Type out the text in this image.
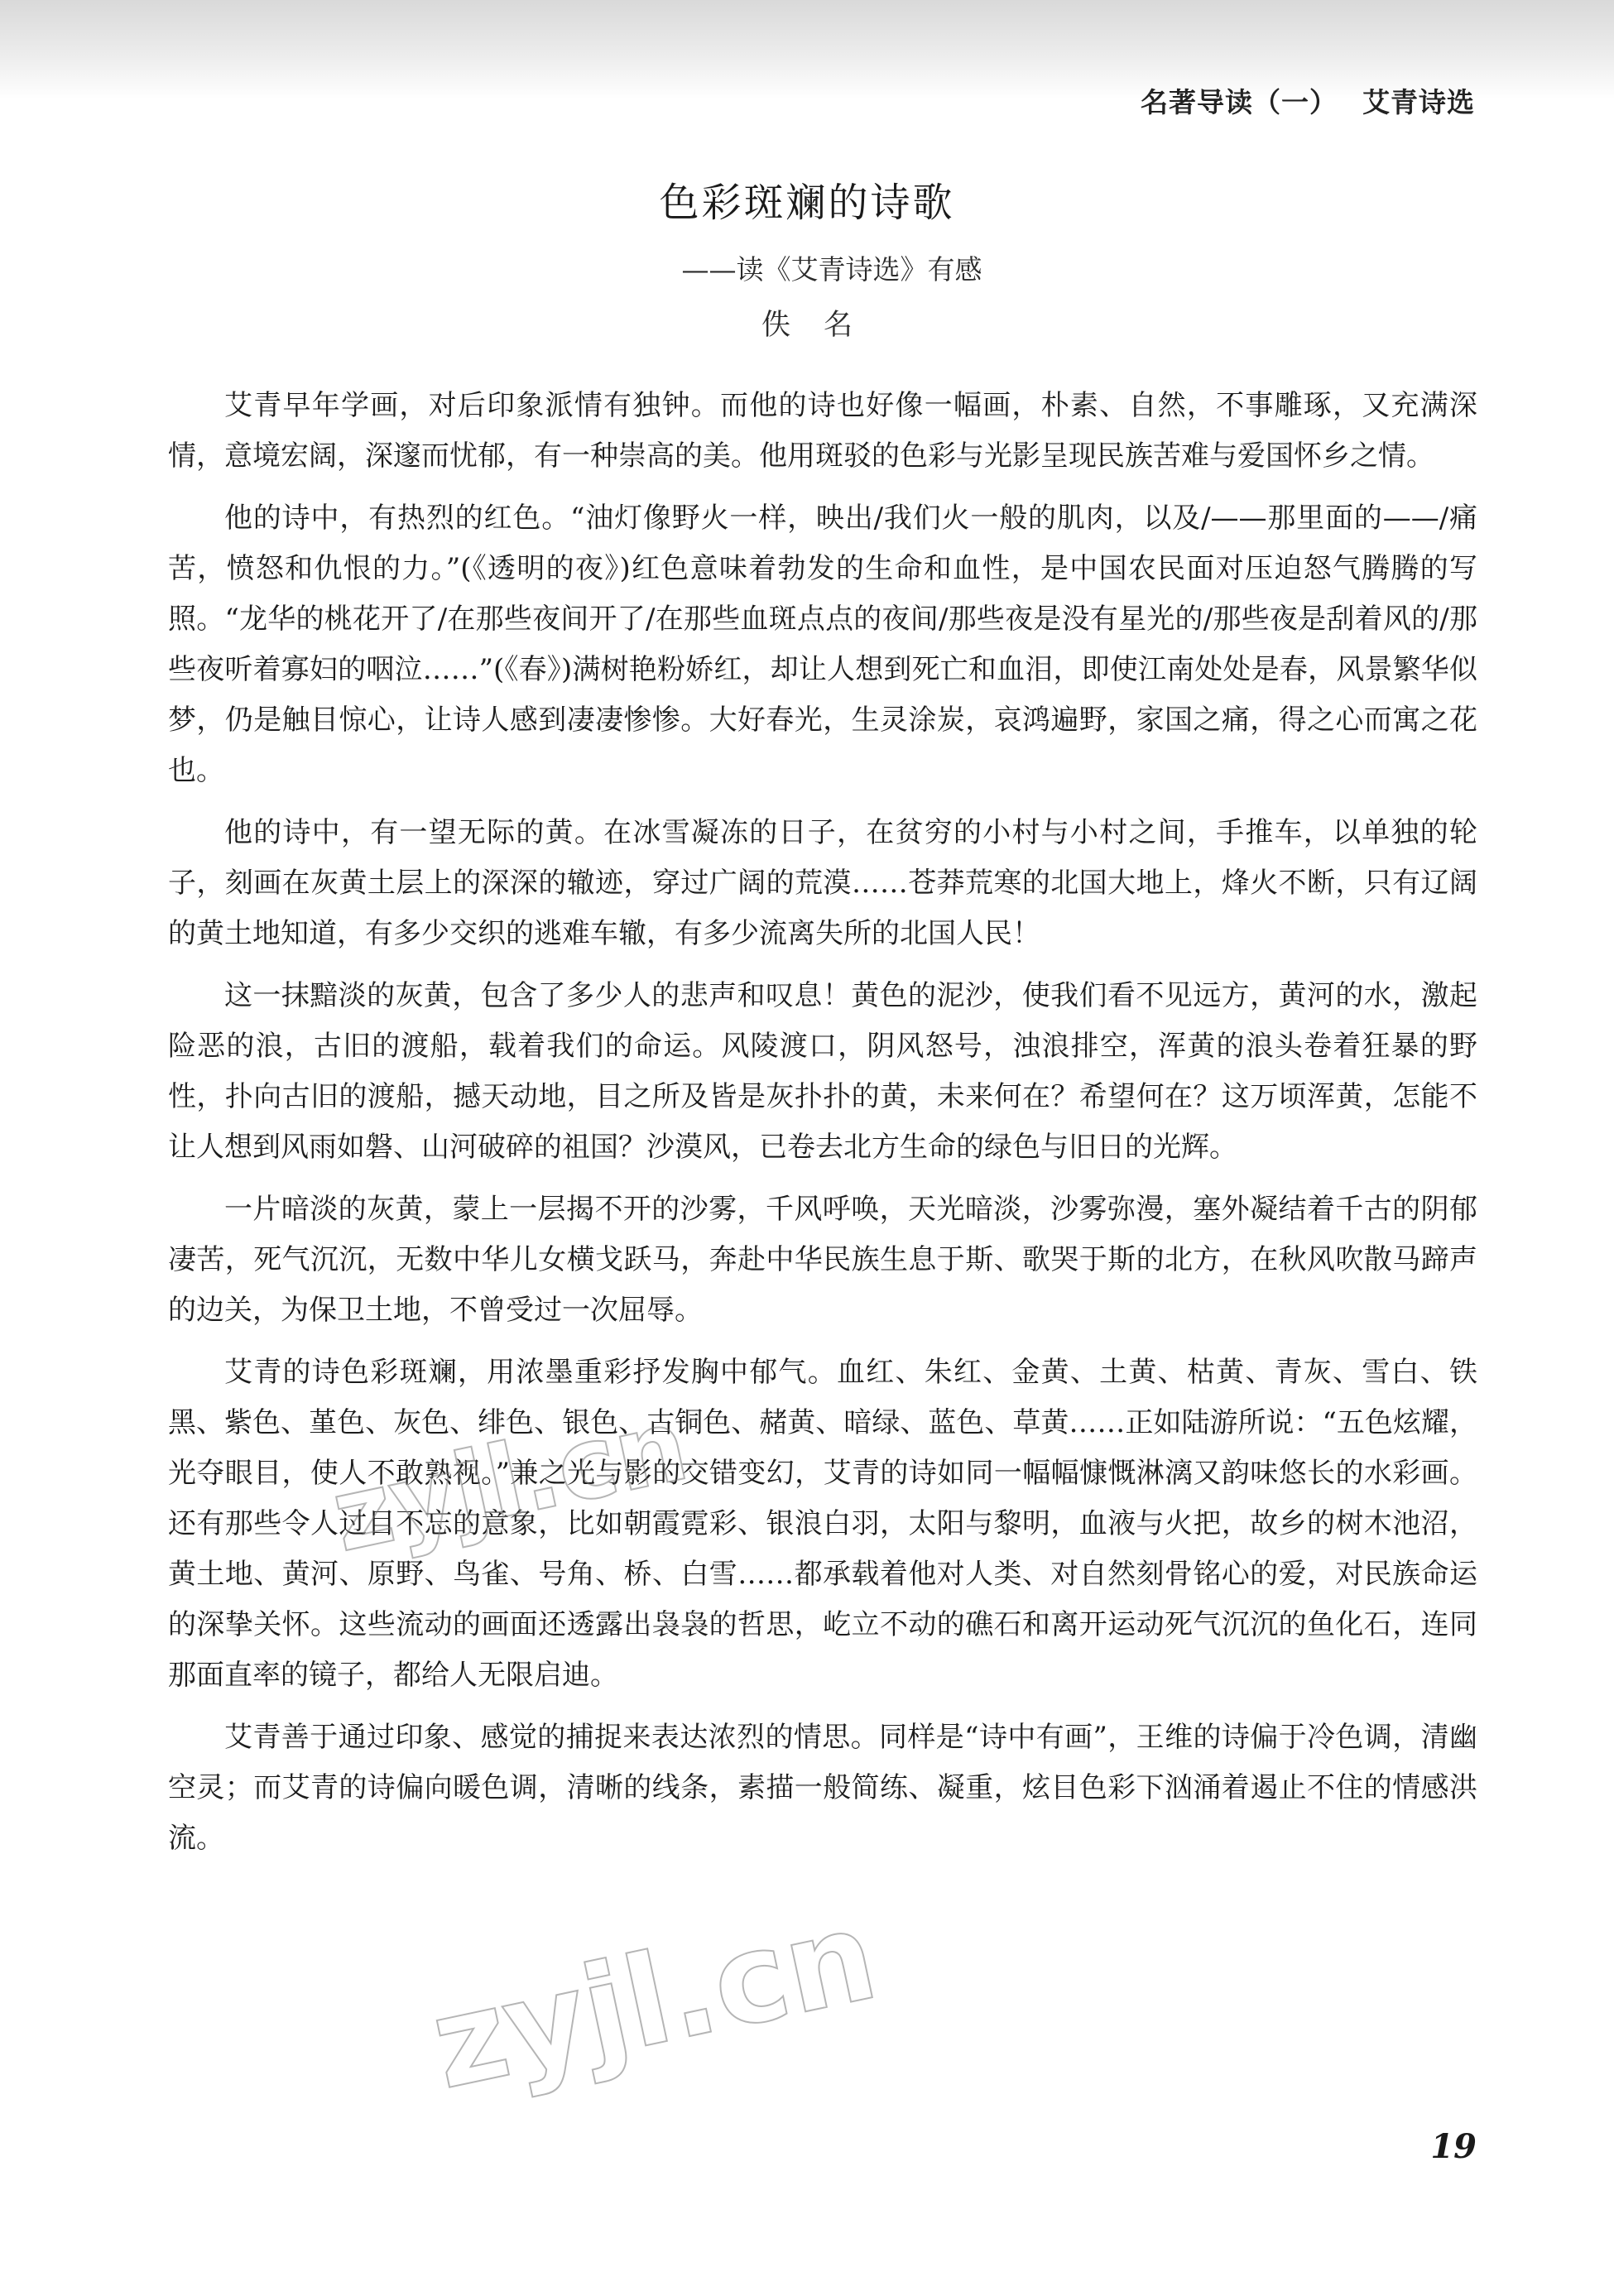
名著导读（一） 艾青诗选
色彩斑斓的诗歌
——读《艾青诗选》有感
佚名

艾青早年学画，对后印象派情有独钟。而他的诗也好像一幅画，朴素、自然，不事雕琢，又充满深情，意境宏阔，深邃而忧郁，有一种崇高的美。他用斑驳的色彩与光影呈现民族苦难与爱国怀乡之情。

他的诗中，有热烈的红色。“油灯像野火一样，映出/我们火一般的肌肉，以及/——那里面的——/痛苦，愤怒和仇恨的力。”(《透明的夜》)红色意味着勃发的生命和血性，是中国农民面对压迫怒气腾腾的写照。“龙华的桃花开了/在那些夜间开了/在那些血斑点点的夜间/那些夜是没有星光的/那些夜是刮着风的/那些夜听着寡妇的咽泣……”(《春》)满树艳粉娇红，却让人想到死亡和血泪，即使江南处处是春，风景繁华似梦，仍是触目惊心，让诗人感到凄凄惨惨。大好春光，生灵涂炭，哀鸿遍野，家国之痛，得之心而寓之花也。

他的诗中，有一望无际的黄。在冰雪凝冻的日子，在贫穷的小村与小村之间，手推车，以单独的轮子，刻画在灰黄土层上的深深的辙迹，穿过广阔的荒漠……苍莽荒寒的北国大地上，烽火不断，只有辽阔的黄土地知道，有多少交织的逃难车辙，有多少流离失所的北国人民！

这一抹黯淡的灰黄，包含了多少人的悲声和叹息！黄色的泥沙，使我们看不见远方，黄河的水，激起险恶的浪，古旧的渡船，载着我们的命运。风陵渡口，阴风怒号，浊浪排空，浑黄的浪头卷着狂暴的野性，扑向古旧的渡船，撼天动地，目之所及皆是灰扑扑的黄，未来何在？希望何在？这万顷浑黄，怎能不让人想到风雨如磐、山河破碎的祖国？沙漠风，已卷去北方生命的绿色与旧日的光辉。

一片暗淡的灰黄，蒙上一层揭不开的沙雾，千风呼唤，天光暗淡，沙雾弥漫，塞外凝结着千古的阴郁凄苦，死气沉沉，无数中华儿女横戈跃马，奔赴中华民族生息于斯、歌哭于斯的北方，在秋风吹散马蹄声的边关，为保卫土地，不曾受过一次屈辱。

艾青的诗色彩斑斓，用浓墨重彩抒发胸中郁气。血红、朱红、金黄、土黄、枯黄、青灰、雪白、铁黑、紫色、堇色、灰色、绯色、银色、古铜色、赭黄、暗绿、蓝色、草黄……正如陆游所说：“五色炫耀，光夺眼目，使人不敢熟视。”兼之光与影的交错变幻，艾青的诗如同一幅幅慷慨淋漓又韵味悠长的水彩画。还有那些令人过目不忘的意象，比如朝霞霓彩、银浪白羽，太阳与黎明，血液与火把，故乡的树木池沼，黄土地、黄河、原野、鸟雀、号角、桥、白雪……都承载着他对人类、对自然刻骨铭心的爱，对民族命运的深挚关怀。这些流动的画面还透露出袅袅的哲思，屹立不动的礁石和离开运动死气沉沉的鱼化石，连同那面直率的镜子，都给人无限启迪。

艾青善于通过印象、感觉的捕捉来表达浓烈的情思。同样是“诗中有画”，王维的诗偏于冷色调，清幽空灵；而艾青的诗偏向暖色调，清晰的线条，素描一般简练、凝重，炫目色彩下汹涌着遏止不住的情感洪流。

zyjl.cn
zyjl.cn
19
